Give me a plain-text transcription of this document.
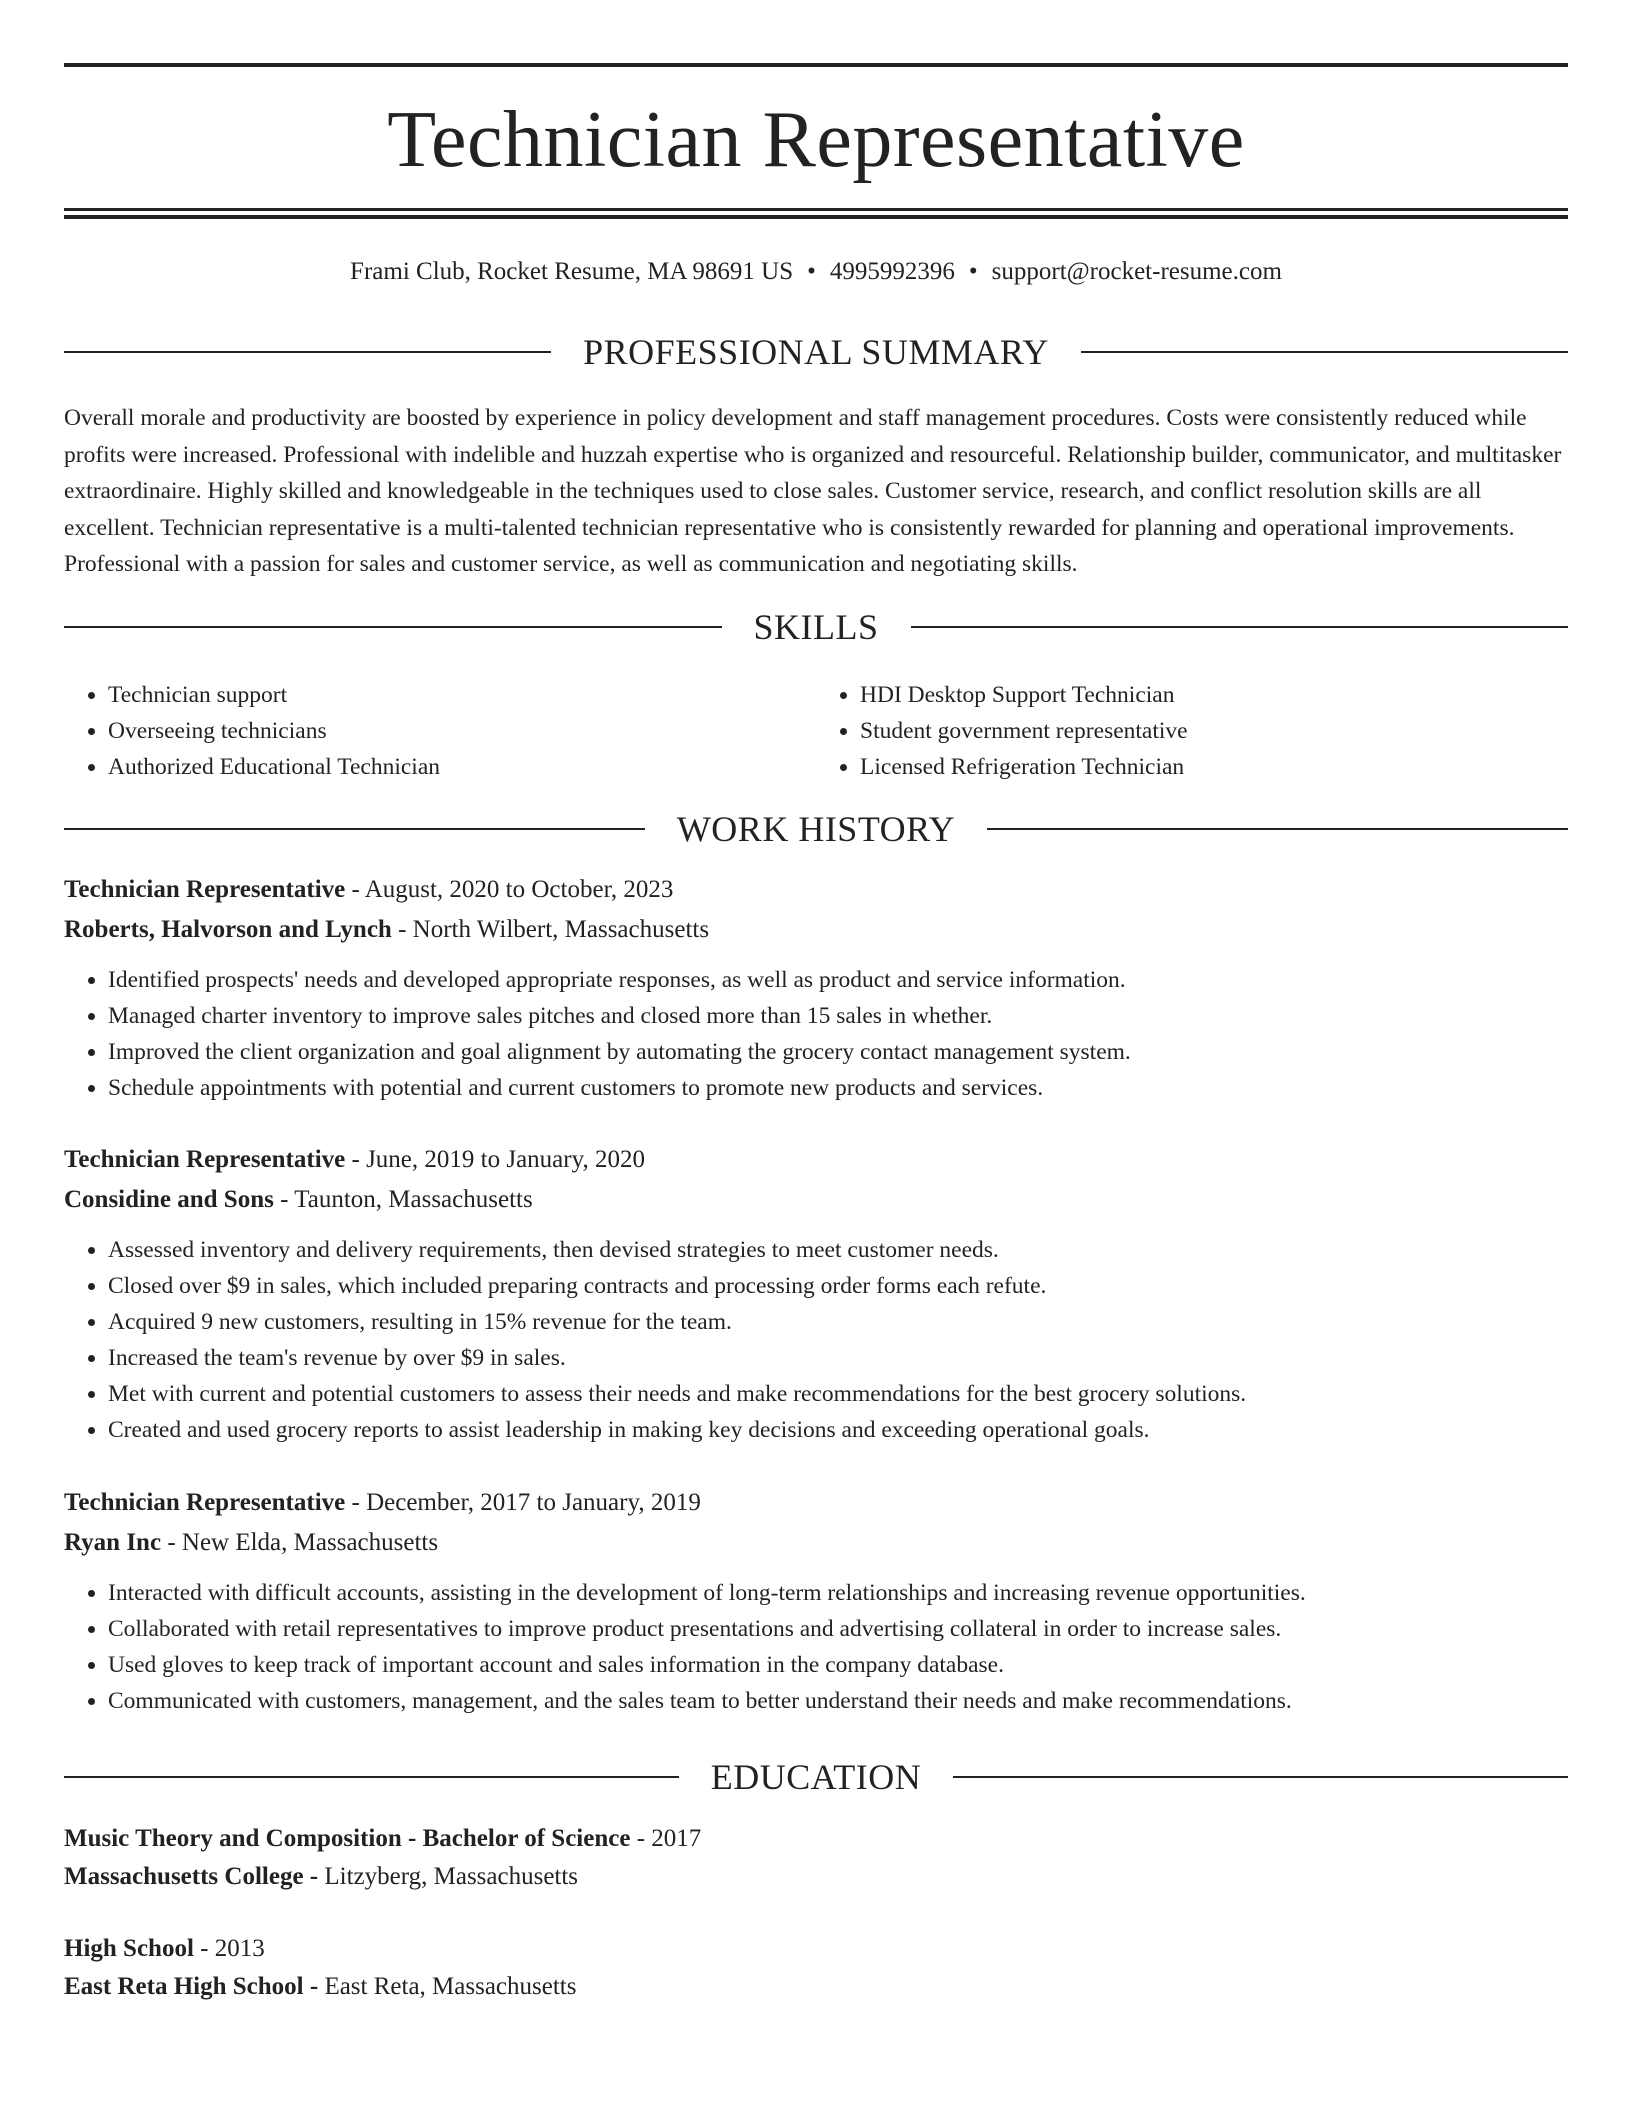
Technician Representative
Frami Club, Rocket Resume, MA 98691 US • 4995992396 • support@rocket-resume.com
PROFESSIONAL SUMMARY

Overall morale and productivity are boosted by experience in policy development and staff management procedures. Costs were consistently reduced while profits were increased. Professional with indelible and huzzah expertise who is organized and resourceful. Relationship builder, communicator, and multitasker extraordinaire. Highly skilled and knowledgeable in the techniques used to close sales. Customer service, research, and conflict resolution skills are all excellent. Technician representative is a multi-talented technician representative who is consistently rewarded for planning and operational improvements. Professional with a passion for sales and customer service, as well as communication and negotiating skills.

SKILLS
• Technician support
• Overseeing technicians
• Authorized Educational Technician
• HDI Desktop Support Technician
• Student government representative
• Licensed Refrigeration Technician
WORK HISTORY
Technician Representative - August, 2020 to October, 2023
Roberts, Halvorson and Lynch - North Wilbert, Massachusetts
• Identified prospects' needs and developed appropriate responses, as well as product and service information.
• Managed charter inventory to improve sales pitches and closed more than 15 sales in whether.
• Improved the client organization and goal alignment by automating the grocery contact management system.
• Schedule appointments with potential and current customers to promote new products and services.
Technician Representative - June, 2019 to January, 2020
Considine and Sons - Taunton, Massachusetts
• Assessed inventory and delivery requirements, then devised strategies to meet customer needs.
• Closed over $9 in sales, which included preparing contracts and processing order forms each refute.
• Acquired 9 new customers, resulting in 15% revenue for the team.
• Increased the team's revenue by over $9 in sales.
• Met with current and potential customers to assess their needs and make recommendations for the best grocery solutions.
• Created and used grocery reports to assist leadership in making key decisions and exceeding operational goals.
Technician Representative - December, 2017 to January, 2019
Ryan Inc - New Elda, Massachusetts
• Interacted with difficult accounts, assisting in the development of long-term relationships and increasing revenue opportunities.
• Collaborated with retail representatives to improve product presentations and advertising collateral in order to increase sales.
• Used gloves to keep track of important account and sales information in the company database.
• Communicated with customers, management, and the sales team to better understand their needs and make recommendations.
EDUCATION
Music Theory and Composition - Bachelor of Science - 2017
Massachusetts College - Litzyberg, Massachusetts
High School - 2013
East Reta High School - East Reta, Massachusetts
